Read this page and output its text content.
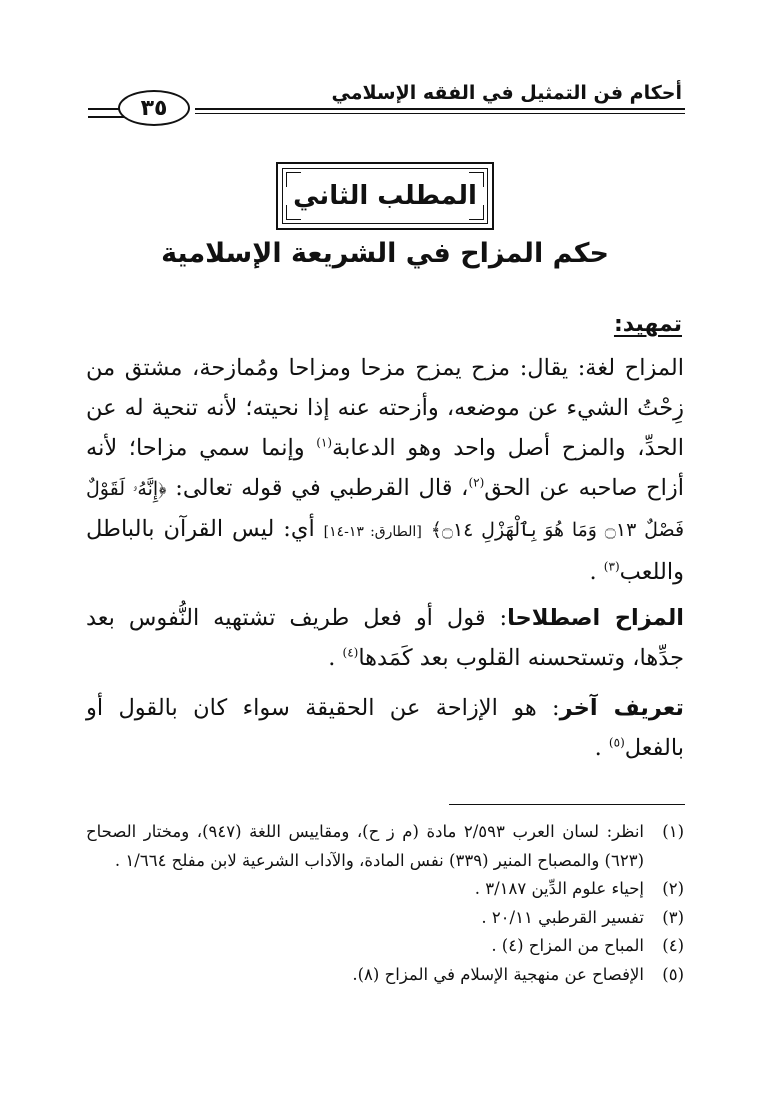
أحكام فن التمثيل في الفقه الإسلامي
٣٥
المطلب الثاني
حكم المزاح في الشريعة الإسلامية
تمهيد:
المزاح لغة: يقال: مزح يمزح مزحا ومزاحا ومُمازحة، مشتق من زِحْتُ الشيء عن موضعه، وأزحته عنه إذا نحيته؛ لأنه تنحية له عن الحدِّ، والمزح أصل واحد وهو الدعابة$^{(١)}$ وإنما سمي مزاحا؛ لأنه أزاح صاحبه عن الحق$^{(٢)}$، قال القرطبي في قوله تعالى: ﴿إِنَّهُۥ لَقَوْلٌ فَصْلٌ ۝١٣ وَمَا هُوَ بِٱلْهَزْلِ ۝١٤﴾ [الطارق: ١٣-١٤] أي: ليس القرآن بالباطل واللعب$^{(٣)}$ .
المزاح اصطلاحا: قول أو فعل طريف تشتهيه النُّفوس بعد جدِّها، وتستحسنه القلوب بعد كَمَدها$^{(٤)}$ .
تعريف آخر: هو الإزاحة عن الحقيقة سواء كان بالقول أو بالفعل$^{(٥)}$ .
(١)
انظر: لسان العرب ٢/٥٩٣ مادة (م ز ح)، ومقاييس اللغة (٩٤٧)، ومختار الصحاح (٦٢٣) والمصباح المنير (٣٣٩) نفس المادة، والآداب الشرعية لابن مفلح ١/٦٦٤ .
(٢)
إحياء علوم الدِّين ٣/١٨٧ .
(٣)
تفسير القرطبي ٢٠/١١ .
(٤)
المباح من المزاح (٤) .
(٥)
الإفصاح عن منهجية الإسلام في المزاح (٨).
